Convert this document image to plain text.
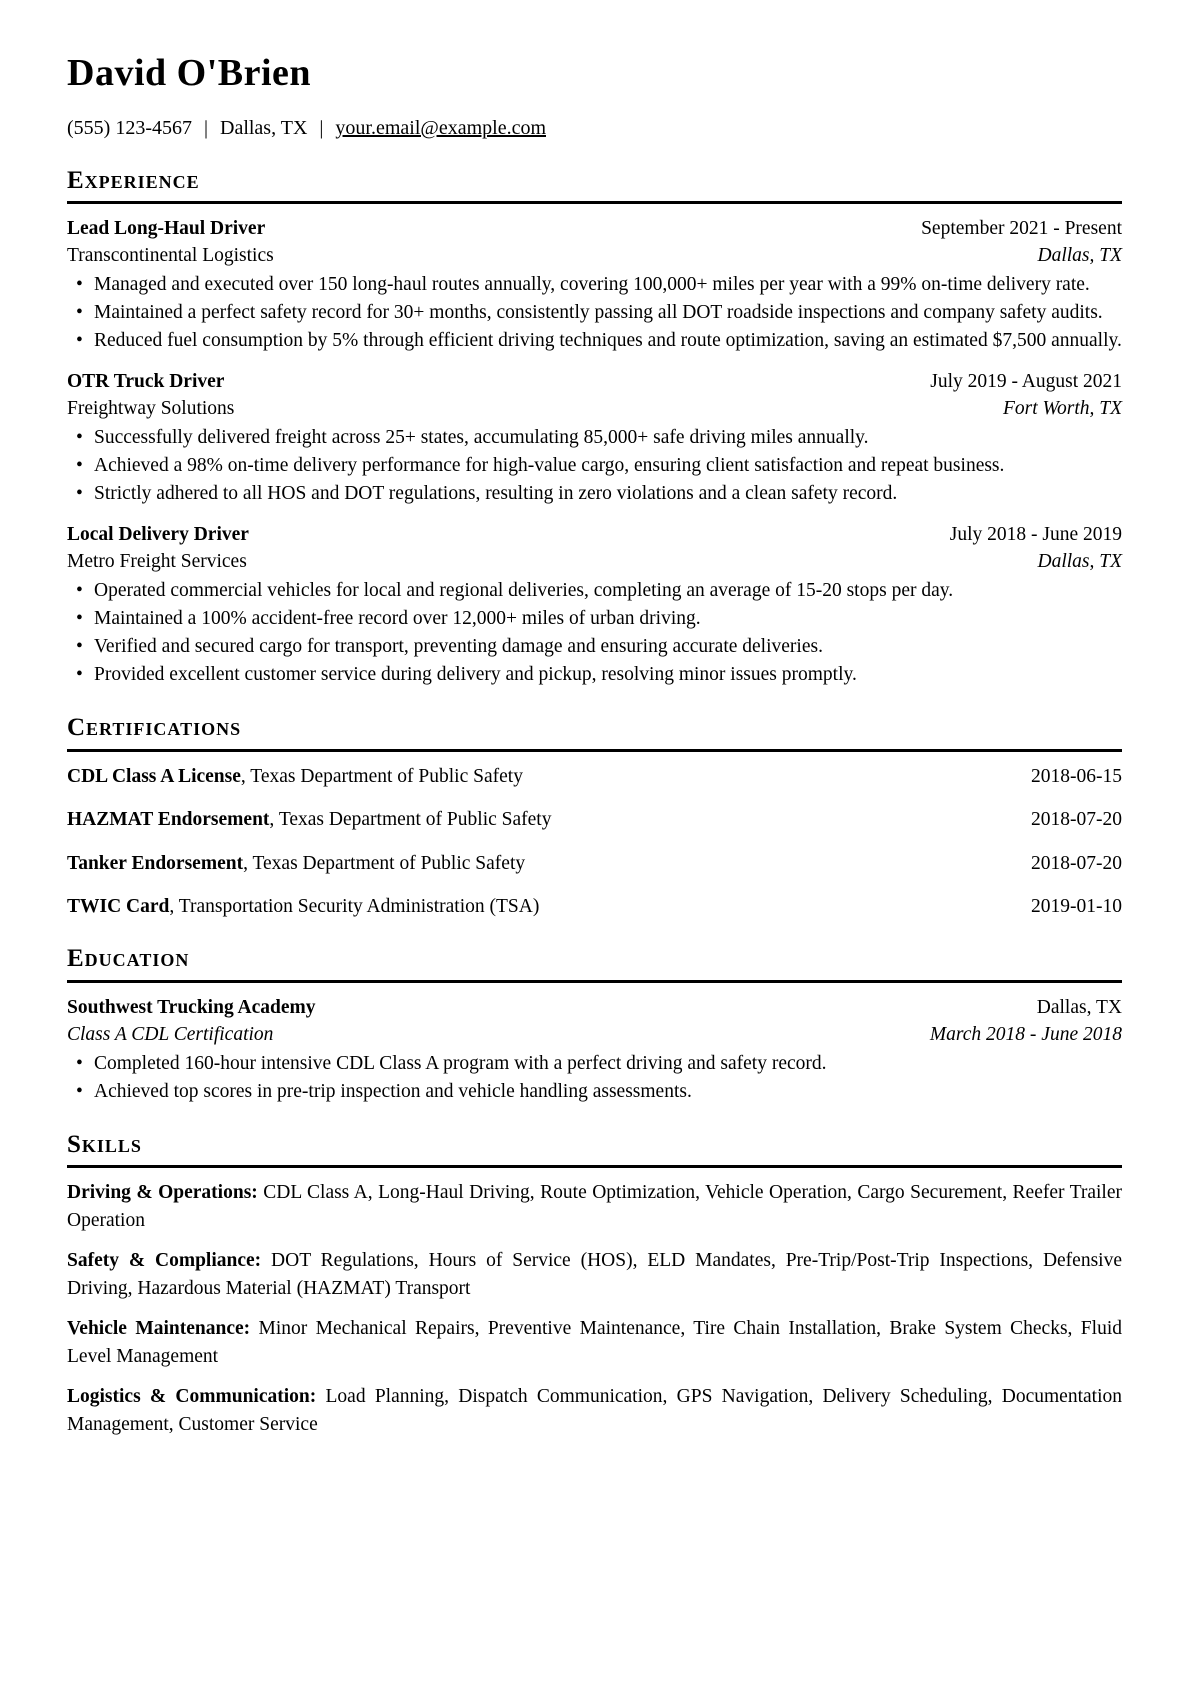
David O'Brien
(555) 123-4567 | Dallas, TX | your.email@example.com
Experience
Lead Long-Haul Driver	September 2021 - Present
Transcontinental Logistics	Dallas, TX
• Managed and executed over 150 long-haul routes annually, covering 100,000+ miles per year with a 99% on-time delivery rate.
• Maintained a perfect safety record for 30+ months, consistently passing all DOT roadside inspections and company safety audits.
• Reduced fuel consumption by 5% through efficient driving techniques and route optimization, saving an estimated $7,500 annually.
OTR Truck Driver	July 2019 - August 2021
Freightway Solutions	Fort Worth, TX
• Successfully delivered freight across 25+ states, accumulating 85,000+ safe driving miles annually.
• Achieved a 98% on-time delivery performance for high-value cargo, ensuring client satisfaction and repeat business.
• Strictly adhered to all HOS and DOT regulations, resulting in zero violations and a clean safety record.
Local Delivery Driver	July 2018 - June 2019
Metro Freight Services	Dallas, TX
• Operated commercial vehicles for local and regional deliveries, completing an average of 15-20 stops per day.
• Maintained a 100% accident-free record over 12,000+ miles of urban driving.
• Verified and secured cargo for transport, preventing damage and ensuring accurate deliveries.
• Provided excellent customer service during delivery and pickup, resolving minor issues promptly.
Certifications
CDL Class A License, Texas Department of Public Safety	2018-06-15
HAZMAT Endorsement, Texas Department of Public Safety	2018-07-20
Tanker Endorsement, Texas Department of Public Safety	2018-07-20
TWIC Card, Transportation Security Administration (TSA)	2019-01-10
Education
Southwest Trucking Academy	Dallas, TX
Class A CDL Certification	March 2018 - June 2018
• Completed 160-hour intensive CDL Class A program with a perfect driving and safety record.
• Achieved top scores in pre-trip inspection and vehicle handling assessments.
Skills

Driving & Operations: CDL Class A, Long-Haul Driving, Route Optimization, Vehicle Operation, Cargo Securement, Reefer Trailer Operation

Safety & Compliance: DOT Regulations, Hours of Service (HOS), ELD Mandates, Pre-Trip/Post-Trip Inspections, Defensive Driving, Hazardous Material (HAZMAT) Transport

Vehicle Maintenance: Minor Mechanical Repairs, Preventive Maintenance, Tire Chain Installation, Brake System Checks, Fluid Level Management

Logistics & Communication: Load Planning, Dispatch Communication, GPS Navigation, Delivery Scheduling, Documentation Management, Customer Service
